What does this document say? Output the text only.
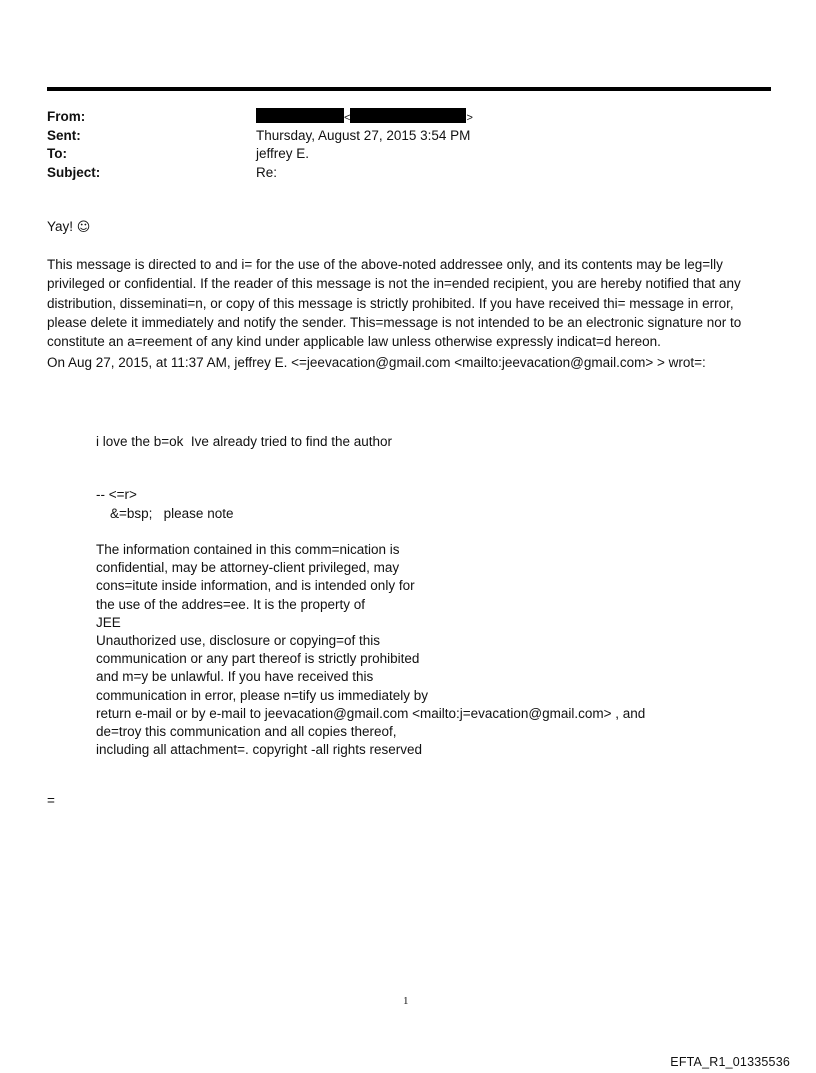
From:	<	>
Sent:	Thursday, August 27, 2015 3:54 PM
To:	jeffrey E.
Subject:	Re:
Yay! ☺
This message is directed to and i= for the use of the above-noted addressee only, and its contents may be leg=lly privileged or confidential. If the reader of this message is not the in=ended recipient, you are hereby notified that any distribution, disseminati=n, or copy of this message is strictly prohibited. If you have received thi= message in error, please delete it immediately and notify the sender. This=message is not intended to be an electronic signature nor to constitute an a=reement of any kind under applicable law unless otherwise expressly indicat=d hereon.
On Aug 27, 2015, at 11:37 AM, jeffrey E. <=jeevacation@gmail.com <mailto:jeevacation@gmail.com> > wrot=:
i love the b=ok  Ive already tried to find the author
-- <=r>
&=bsp;   please note
The information contained in this comm=nication is
confidential, may be attorney-client privileged, may
cons=itute inside information, and is intended only for
the use of the addres=ee. It is the property of
JEE
Unauthorized use, disclosure or copying=of this
communication or any part thereof is strictly prohibited
and m=y be unlawful. If you have received this
communication in error, please n=tify us immediately by
return e-mail or by e-mail to jeevacation@gmail.com <mailto:j=evacation@gmail.com> , and
de=troy this communication and all copies thereof,
including all attachment=. copyright -all rights reserved
=
1
EFTA_R1_01335536
